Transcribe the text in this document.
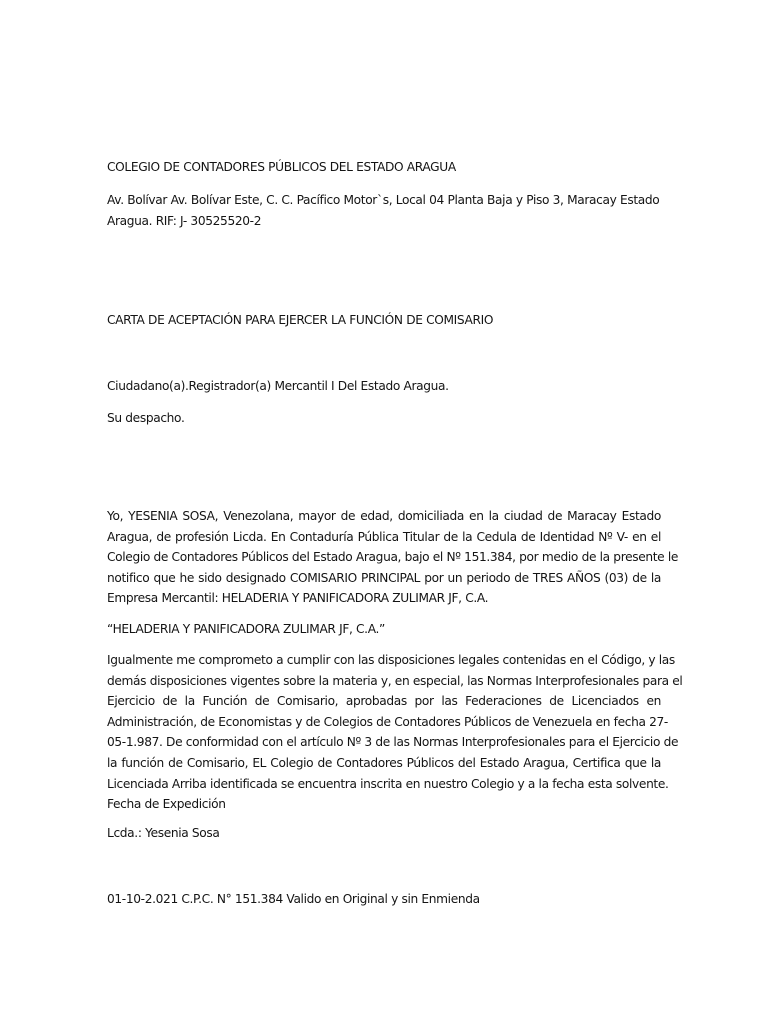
COLEGIO DE CONTADORES PÚBLICOS DEL ESTADO ARAGUA
Av. Bolívar Av. Bolívar Este, C. C. Pacífico Motor`s, Local 04 Planta Baja y Piso 3, Maracay Estado
Aragua. RIF: J- 30525520-2
CARTA DE ACEPTACIÓN PARA EJERCER LA FUNCIÓN DE COMISARIO
Ciudadano(a).Registrador(a) Mercantil I Del Estado Aragua.
Su despacho.
Yo, YESENIA SOSA, Venezolana, mayor de edad, domiciliada en la ciudad de Maracay Estado
Aragua, de profesión Licda. En Contaduría Pública Titular de la Cedula de Identidad Nº V- en el
Colegio de Contadores Públicos del Estado Aragua, bajo el Nº 151.384, por medio de la presente le
notifico que he sido designado COMISARIO PRINCIPAL por un periodo de TRES AÑOS (03) de la
Empresa Mercantil: HELADERIA Y PANIFICADORA ZULIMAR JF, C.A.
“HELADERIA Y PANIFICADORA ZULIMAR JF, C.A.”
Igualmente me comprometo a cumplir con las disposiciones legales contenidas en el Código, y las
demás disposiciones vigentes sobre la materia y, en especial, las Normas Interprofesionales para el
Ejercicio de la Función de Comisario, aprobadas por las Federaciones de Licenciados en
Administración, de Economistas y de Colegios de Contadores Públicos de Venezuela en fecha 27-
05-1.987. De conformidad con el artículo Nº 3 de las Normas Interprofesionales para el Ejercicio de
la función de Comisario, EL Colegio de Contadores Públicos del Estado Aragua, Certifica que la
Licenciada Arriba identificada se encuentra inscrita en nuestro Colegio y a la fecha esta solvente.
Fecha de Expedición
Lcda.: Yesenia Sosa
01-10-2.021 C.P.C. N° 151.384 Valido en Original y sin Enmienda
